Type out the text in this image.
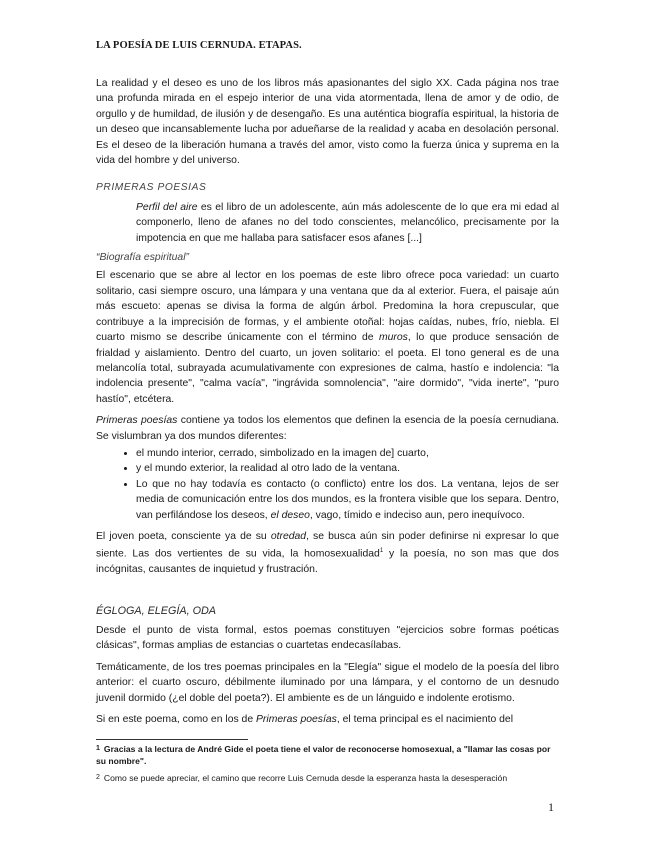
LA POESÍA DE LUIS CERNUDA. ETAPAS.

La realidad y el deseo es uno de los libros más apasionantes del siglo XX. Cada página nos trae una profunda mirada en el espejo interior de una vida atormentada, llena de amor y de odio, de orgullo y de humildad, de ilusión y de desengaño. Es una auténtica biografía espiritual, la historia de un deseo que incansablemente lucha por adueñarse de la realidad y acaba en desolación personal. Es el deseo de la liberación humana a través del amor, visto como la fuerza única y suprema en la vida del hombre y del universo.

PRIMERAS POESIAS
Perfil del aire es el libro de un adolescente, aún más adolescente de lo que era mi edad al componerlo, lleno de afanes no del todo conscientes, melancólico, precisamente por la impotencia en que me hallaba para satisfacer esos afanes [...]
“Biografía espiritual”

El escenario que se abre al lector en los poemas de este libro ofrece poca variedad: un cuarto solitario, casi siempre oscuro, una lámpara y una ventana que da al exterior. Fuera, el paisaje aún más escueto: apenas se divisa la forma de algún árbol. Predomina la hora crepuscular, que contribuye a la imprecisión de formas, y el ambiente otoñal: hojas caídas, nubes, frío, niebla. El cuarto mismo se describe únicamente con el término de muros, lo que produce sensación de frialdad y aislamiento. Dentro del cuarto, un joven solitario: el poeta. El tono general es de una melancolía total, subrayada acumulativamente con expresiones de calma, hastío e indolencia: "la indolencia presente", "calma vacía", "ingrávida somnolencia", "aire dormido", "vida inerte", "puro hastío", etcétera.

Primeras poesías contiene ya todos los elementos que definen la esencia de la poesía cernudiana. Se vislumbran ya dos mundos diferentes:

• el mundo interior, cerrado, simbolizado en la imagen de] cuarto,
• y el mundo exterior, la realidad al otro lado de la ventana.
• Lo que no hay todavía es contacto (o conflicto) entre los dos. La ventana, lejos de ser media de comunicación entre los dos mundos, es la frontera visible que los separa. Dentro, van perfilándose los deseos, el deseo, vago, tímido e indeciso aun, pero inequívoco.

El joven poeta, consciente ya de su otredad, se busca aún sin poder definirse ni expresar lo que siente. Las dos vertientes de su vida, la homosexualidad$^1$ y la poesía, no son mas que dos incógnitas, causantes de inquietud y frustración.

ÉGLOGA, ELEGÍA, ODA

Desde el punto de vista formal, estos poemas constituyen "ejercicios sobre formas poéticas clásicas", formas amplias de estancias o cuartetas endecasílabas.

Temáticamente, de los tres poemas principales en la "Elegía" sigue el modelo de la poesía del libro anterior: el cuarto oscuro, débilmente iluminado por una lámpara, y el contorno de un desnudo juvenil dormido (¿el doble del poeta?). El ambiente es de un lánguido e indolente erotismo.

Si en este poema, como en los de Primeras poesías, el tema principal es el nacimiento del

$^1$ Gracias a la lectura de André Gide el poeta tiene el valor de reconocerse homosexual, a "llamar las cosas por su nombre".
$^2$ Como se puede apreciar, el camino que recorre Luis Cernuda desde la esperanza hasta la desesperación
1
